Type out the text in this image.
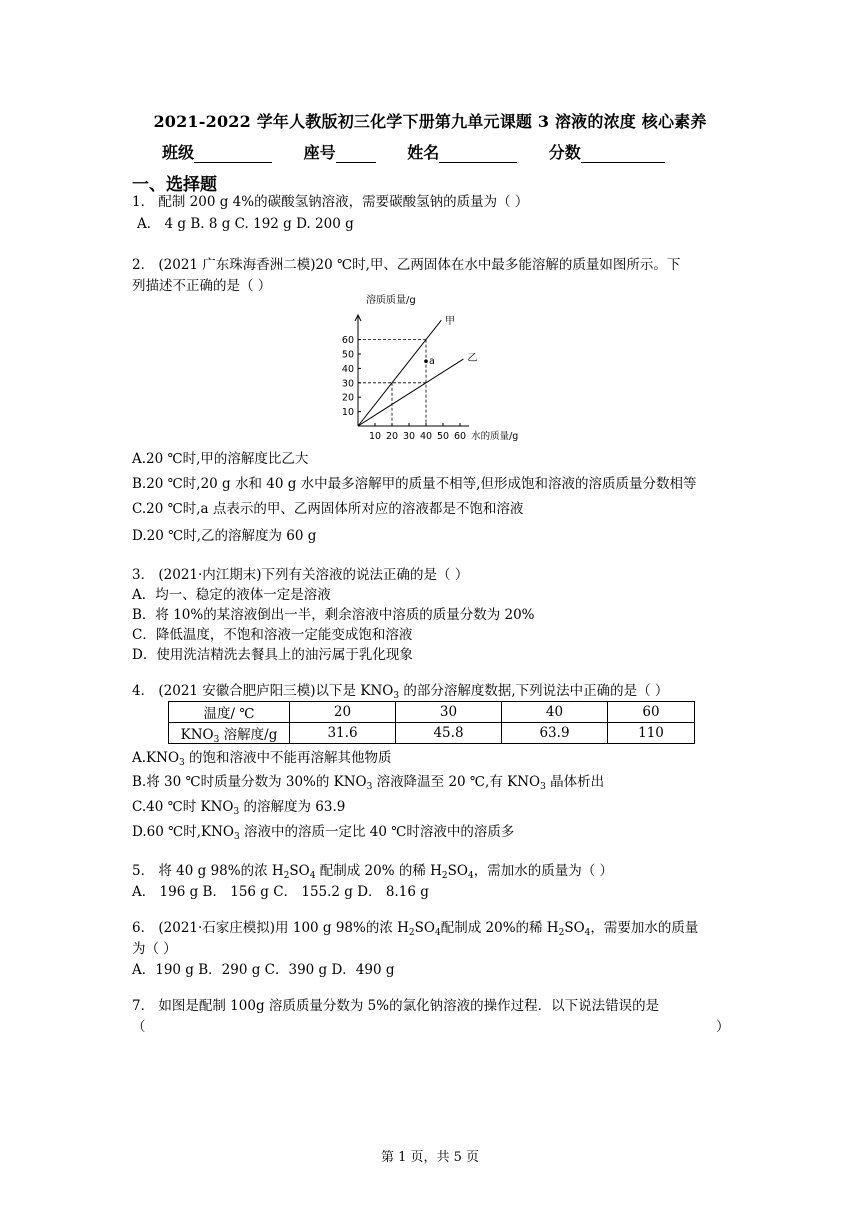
2021-2022 学年人教版初三化学下册第九单元课题 3 溶液的浓度 核心素养
班级	座号	姓名	分数
一、选择题
1． 配制 200 g 4%的碳酸氢钠溶液，需要碳酸氢钠的质量为（ ）
A． 4 g B. 8 g C. 192 g D. 200 g
2． (2021 广东珠海香洲二模)20 ℃时,甲、乙两固体在水中最多能溶解的质量如图所示。下
列描述不正确的是（ ）
溶质质量/g
水的质量/g
10 20 30 40 50 60
10
20
30
40
50
60
甲
乙
a
A.20 ℃时,甲的溶解度比乙大
B.20 ℃时,20 g 水和 40 g 水中最多溶解甲的质量不相等,但形成饱和溶液的溶质质量分数相等
C.20 ℃时,a 点表示的甲、乙两固体所对应的溶液都是不饱和溶液
D.20 ℃时,乙的溶解度为 60 g
3． (2021·内江期末)下列有关溶液的说法正确的是（ ）
A．均一、稳定的液体一定是溶液
B．将 10%的某溶液倒出一半，剩余溶液中溶质的质量分数为 20%
C．降低温度，不饱和溶液一定能变成饱和溶液
D．使用洗洁精洗去餐具上的油污属于乳化现象
4． (2021 安徽合肥庐阳三模)以下是 $KNO_3$ 的部分溶解度数据,下列说法中正确的是（ ）
温度/ ℃	20	30	40	60
$KNO_3$ 溶解度/g	31.6	45.8	63.9	110
$A.KNO_3$ 的饱和溶液中不能再溶解其他物质
B.将 30 ℃时质量分数为 30%的 $KNO_3$ 溶液降温至 20 ℃,有 $KNO_3$ 晶体析出
C.40 ℃时 $KNO_3$ 的溶解度为 63.9
D.60 ℃时$,KNO_3$ 溶液中的溶质一定比 40 ℃时溶液中的溶质多
5． 将 40 g 98%的浓 $H_2SO_4$ 配制成 20% 的稀 $H_2SO_4$，需加水的质量为（ ）
A． 196 g B． 156 g C． 155.2 g D． 8.16 g
6． (2021·石家庄模拟)用 100 g 98%的浓 $H_2SO_4$配制成 20%的稀 $H_2SO_4$，需要加水的质量
为（ ）
A．190 g B．290 g C．390 g D．490 g
7． 如图是配制 100g 溶质质量分数为 5%的氯化钠溶液的操作过程．以下说法错误的是
（	）
第 1 页，共 5 页
